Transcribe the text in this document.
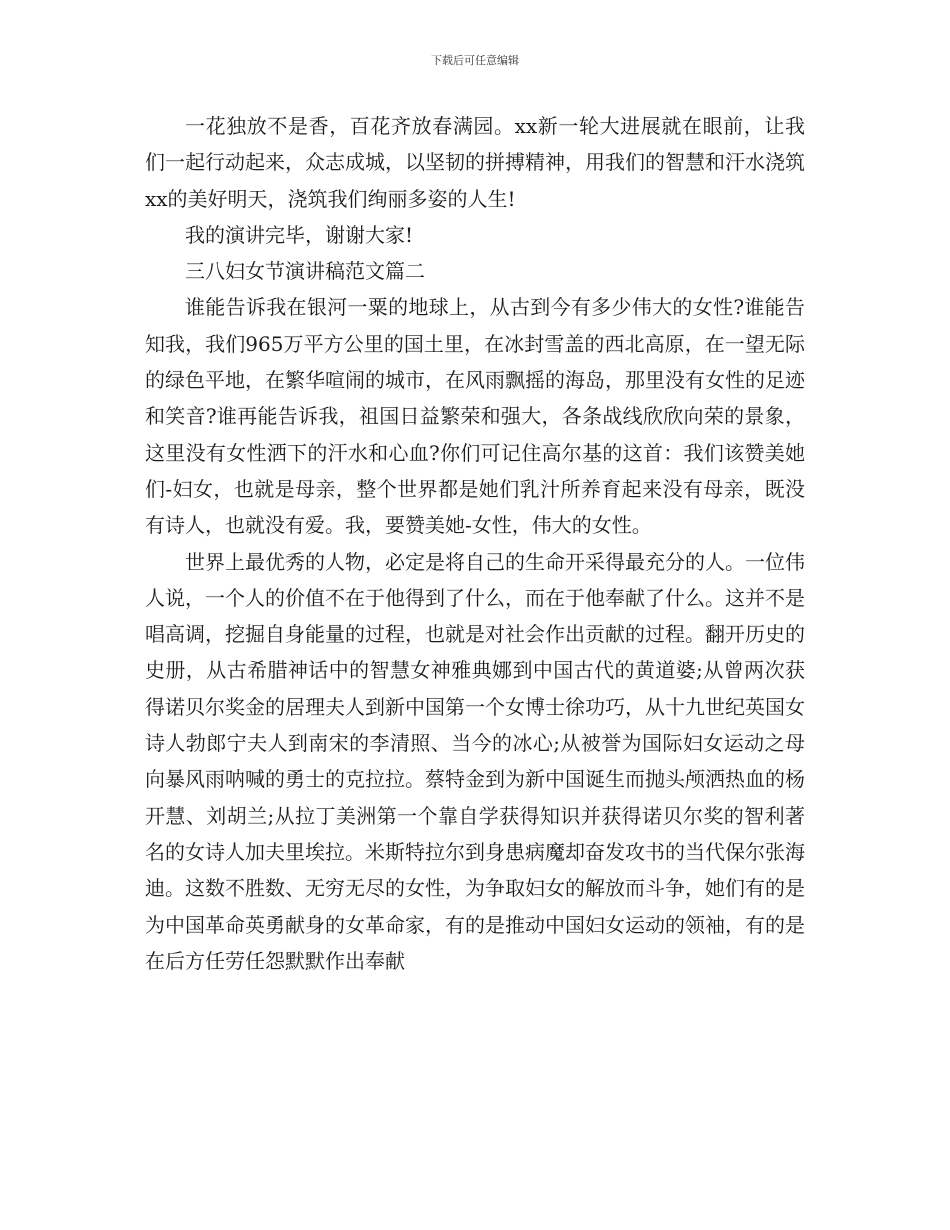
下载后可任意编辑

一花独放不是香，百花齐放春满园。xx新一轮大进展就在眼前，让我们一起行动起来，众志成城，以坚韧的拼搏精神，用我们的智慧和汗水浇筑xx的美好明天，浇筑我们绚丽多姿的人生!

我的演讲完毕，谢谢大家!

三八妇女节演讲稿范文篇二

谁能告诉我在银河一粟的地球上，从古到今有多少伟大的女性?谁能告知我，我们965万平方公里的国土里，在冰封雪盖的西北高原，在一望无际的绿色平地，在繁华喧闹的城市，在风雨飘摇的海岛，那里没有女性的足迹和笑音?谁再能告诉我，祖国日益繁荣和强大，各条战线欣欣向荣的景象，这里没有女性洒下的汗水和心血?你们可记住高尔基的这首：我们该赞美她们-妇女，也就是母亲，整个世界都是她们乳汁所养育起来没有母亲，既没有诗人，也就没有爱。我，要赞美她-女性，伟大的女性。

世界上最优秀的人物，必定是将自己的生命开采得最充分的人。一位伟人说，一个人的价值不在于他得到了什么，而在于他奉献了什么。这并不是唱高调，挖掘自身能量的过程，也就是对社会作出贡献的过程。翻开历史的史册，从古希腊神话中的智慧女神雅典娜到中国古代的黄道婆;从曾两次获得诺贝尔奖金的居理夫人到新中国第一个女博士徐功巧，从十九世纪英国女诗人勃郎宁夫人到南宋的李清照、当今的冰心;从被誉为国际妇女运动之母向暴风雨呐喊的勇士的克拉拉。蔡特金到为新中国诞生而抛头颅洒热血的杨开慧、刘胡兰;从拉丁美洲第一个靠自学获得知识并获得诺贝尔奖的智利著名的女诗人加夫里埃拉。米斯特拉尔到身患病魔却奋发攻书的当代保尔张海迪。这数不胜数、无穷无尽的女性，为争取妇女的解放而斗争，她们有的是为中国革命英勇献身的女革命家，有的是推动中国妇女运动的领袖，有的是在后方任劳任怨默默作出奉献
